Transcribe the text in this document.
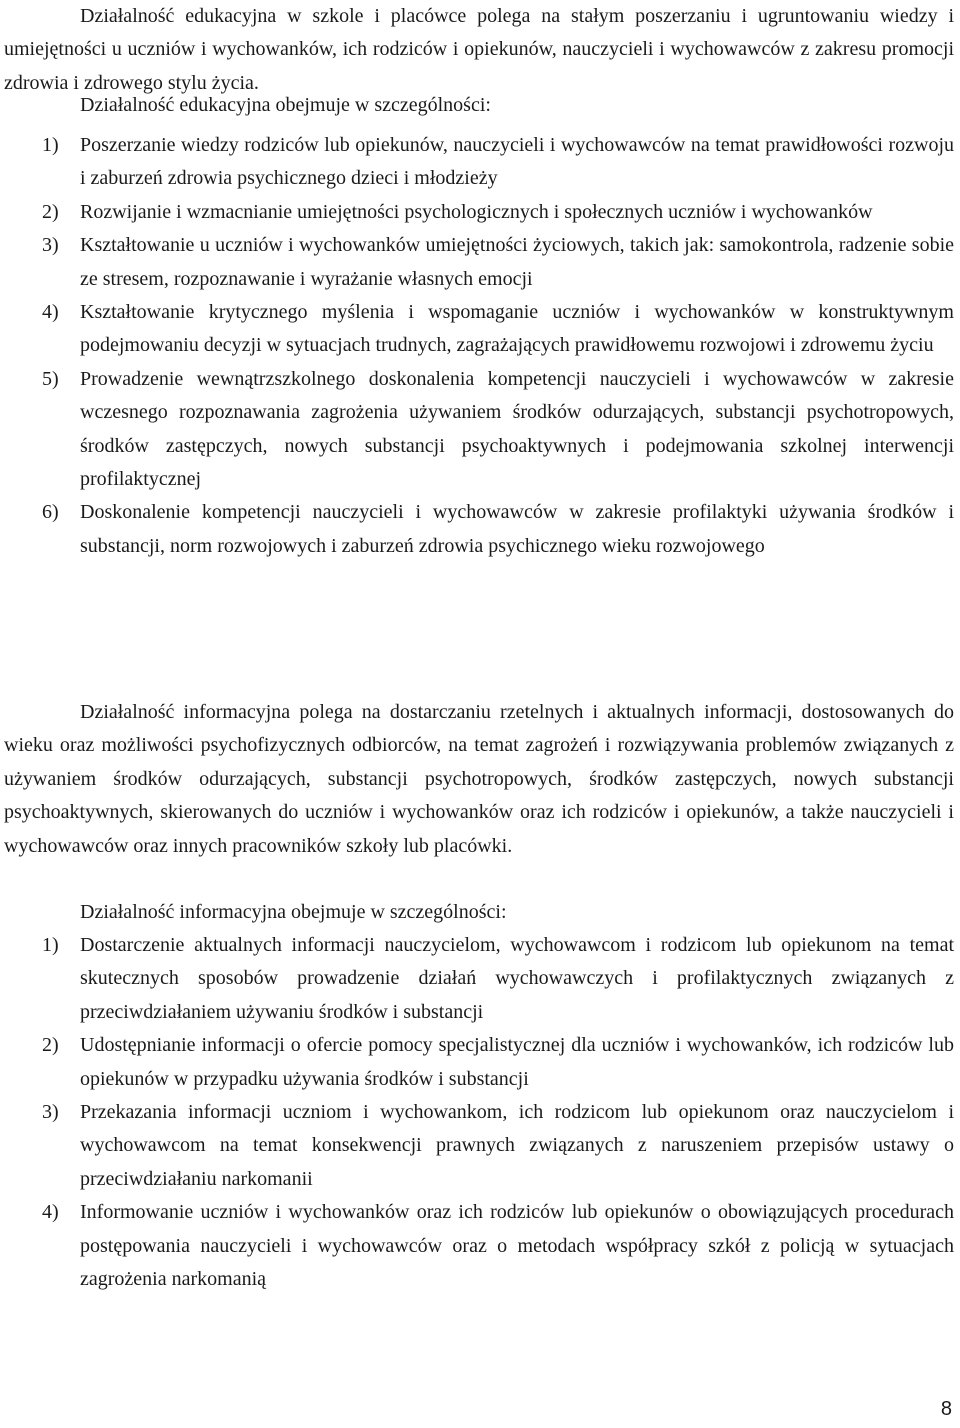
Działalność edukacyjna w szkole i placówce polega na stałym poszerzaniu i ugruntowaniu wiedzy i umiejętności u uczniów i wychowanków, ich rodziców i opiekunów, nauczycieli i wychowawców z zakresu promocji zdrowia i zdrowego stylu życia.

Działalność edukacyjna obejmuje w szczególności:

1) Poszerzanie wiedzy rodziców lub opiekunów, nauczycieli i wychowawców na temat prawidłowości rozwoju i zaburzeń zdrowia psychicznego dzieci i młodzieży
2) Rozwijanie i wzmacnianie umiejętności psychologicznych i społecznych uczniów i wychowanków
3) Kształtowanie u uczniów i wychowanków umiejętności życiowych, takich jak: samokontrola, radzenie sobie ze stresem, rozpoznawanie i wyrażanie własnych emocji
4) Kształtowanie krytycznego myślenia i wspomaganie uczniów i wychowanków w konstruktywnym podejmowaniu decyzji w sytuacjach trudnych, zagrażających prawidłowemu rozwojowi i zdrowemu życiu
5) Prowadzenie wewnątrzszkolnego doskonalenia kompetencji nauczycieli i wychowawców w zakresie wczesnego rozpoznawania zagrożenia używaniem środków odurzających, substancji psychotropowych, środków zastępczych, nowych substancji psychoaktywnych i podejmowania szkolnej interwencji profilaktycznej
6) Doskonalenie kompetencji nauczycieli i wychowawców w zakresie profilaktyki używania środków i substancji, norm rozwojowych i zaburzeń zdrowia psychicznego wieku rozwojowego

Działalność informacyjna polega na dostarczaniu rzetelnych i aktualnych informacji, dostosowanych do wieku oraz możliwości psychofizycznych odbiorców, na temat zagrożeń i rozwiązywania problemów związanych z używaniem środków odurzających, substancji psychotropowych, środków zastępczych, nowych substancji psychoaktywnych, skierowanych do uczniów i wychowanków oraz ich rodziców i opiekunów, a także nauczycieli i wychowawców oraz innych pracowników szkoły lub placówki.

Działalność informacyjna obejmuje w szczególności:

1) Dostarczenie aktualnych informacji nauczycielom, wychowawcom i rodzicom lub opiekunom na temat skutecznych sposobów prowadzenie działań wychowawczych i profilaktycznych związanych z przeciwdziałaniem używaniu środków i substancji
2) Udostępnianie informacji o ofercie pomocy specjalistycznej dla uczniów i wychowanków, ich rodziców lub opiekunów w przypadku używania środków i substancji
3) Przekazania informacji uczniom i wychowankom, ich rodzicom lub opiekunom oraz nauczycielom i wychowawcom na temat konsekwencji prawnych związanych z naruszeniem przepisów ustawy o przeciwdziałaniu narkomanii
4) Informowanie uczniów i wychowanków oraz ich rodziców lub opiekunów o obowiązujących procedurach postępowania nauczycieli i wychowawców oraz o metodach współpracy szkół z policją w sytuacjach zagrożenia narkomanią
8
